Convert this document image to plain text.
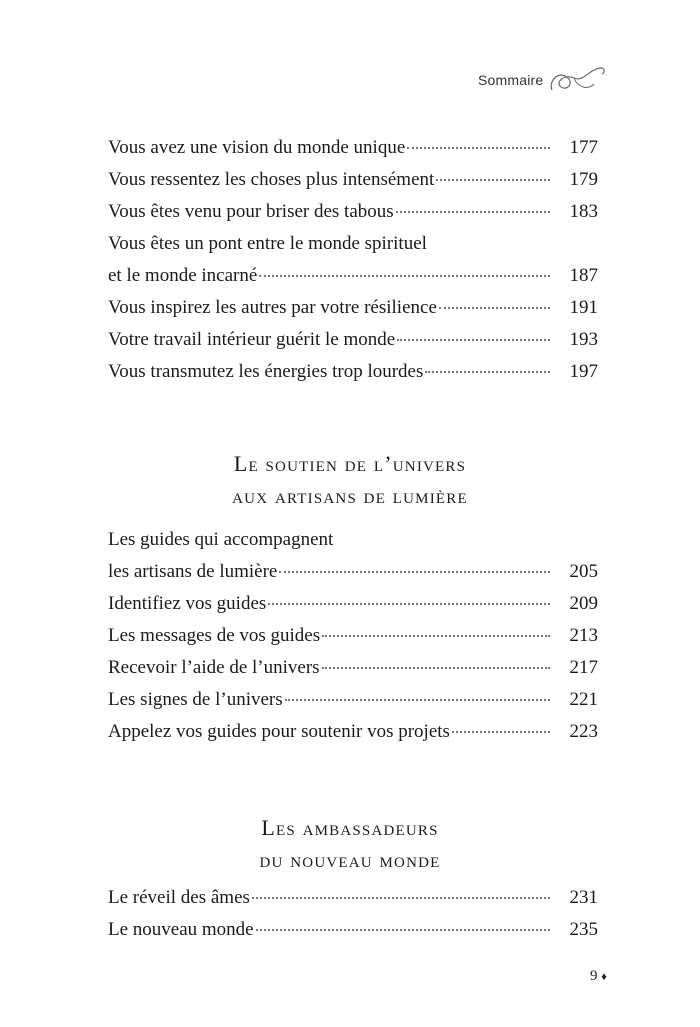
Sommaire
Vous avez une vision du monde unique	177
Vous ressentez les choses plus intensément	179
Vous êtes venu pour briser des tabous	183
Vous êtes un pont entre le monde spirituel
et le monde incarné	187
Vous inspirez les autres par votre résilience	191
Votre travail intérieur guérit le monde	193
Vous transmutez les énergies trop lourdes	197
Le soutien de l’univers
aux artisans de lumière
Les guides qui accompagnent
les artisans de lumière	205
Identifiez vos guides	209
Les messages de vos guides	213
Recevoir l’aide de l’univers	217
Les signes de l’univers	221
Appelez vos guides pour soutenir vos projets	223
Les ambassadeurs
du nouveau monde
Le réveil des âmes	231
Le nouveau monde	235
9 ♦
